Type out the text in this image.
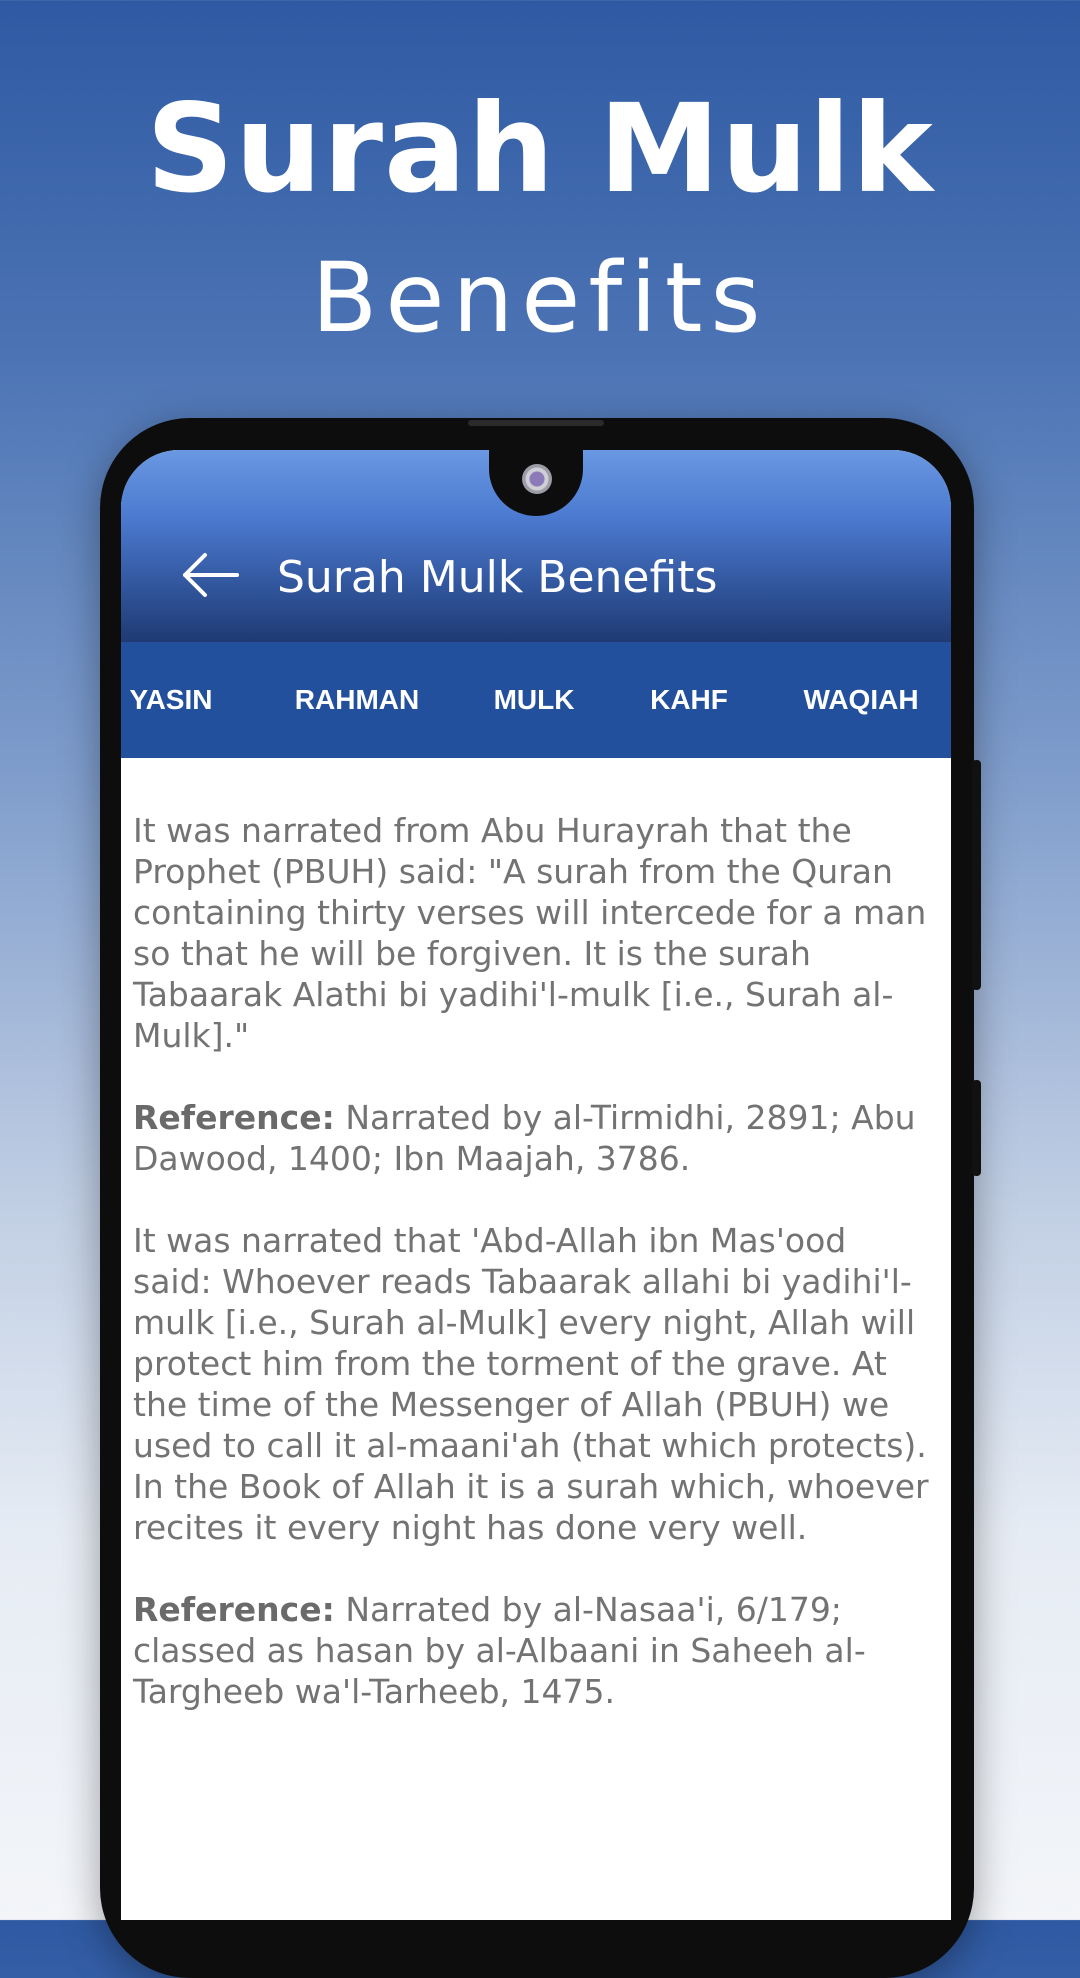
Surah Mulk
Benefits
Surah Mulk Benefits
YASIN	RAHMAN	MULK	KAHF	WAQIAH

It was narrated from Abu Hurayrah that the Prophet (PBUH) said: "A surah from the Quran containing thirty verses will intercede for a man so that he will be forgiven. It is the surah Tabaarak Alathi bi yadihi'l-mulk [i.e., Surah al-Mulk]."

Reference: Narrated by al-Tirmidhi, 2891; Abu Dawood, 1400; Ibn Maajah, 3786.

It was narrated that 'Abd-Allah ibn Mas'ood said: Whoever reads Tabaarak allahi bi yadihi'l-mulk [i.e., Surah al-Mulk] every night, Allah will protect him from the torment of the grave. At the time of the Messenger of Allah (PBUH) we used to call it al-maani'ah (that which protects). In the Book of Allah it is a surah which, whoever recites it every night has done very well.

Reference: Narrated by al-Nasaa'i, 6/179; classed as hasan by al-Albaani in Saheeh al-Targheeb wa'l-Tarheeb, 1475.
